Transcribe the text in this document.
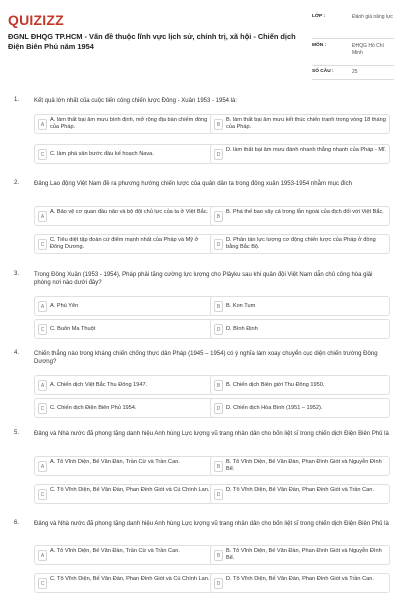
QUIZIZZ
ĐGNL ĐHQG TP.HCM - Vấn đề thuộc lĩnh vực lịch sử, chính trị, xã hội - Chiến dịch Điện Biên Phủ năm 1954
LỚP :	Đánh giá năng lực
MÔN :	ĐHQG Hồ Chí Minh
SỐ CÂU :	25
1. Kết quả lớn nhất của cuộc tiến công chiến lược Đông - Xuân 1953 - 1954 là:
A
A. làm thất bại âm mưu bình định, mở rộng địa bàn chiếm đóng của Pháp.	B
B. làm thất bại âm mưu kết thúc chiến tranh trong vòng 18 tháng của Pháp.
C	C. làm phá sản bước đầu kế hoạch Nava.	D
D. làm thất bại âm mưu đánh nhanh thắng nhanh của Pháp - Mĩ.
2. Đảng Lao động Việt Nam đề ra phương hướng chiến lược của quân dân ta trong đông xuân 1953-1954 nhằm mục đích
A
A. Bảo vệ cơ quan đầu não và bộ đội chủ lực của ta ở Việt Bắc.
B
B. Phá thế bao vây cả trong lẫn ngoài của địch đối với Việt Bắc.
C
C. Tiêu diệt tập đoàn cứ điểm mạnh nhất của Pháp và Mỹ ở Đông Dương.	D
D. Phân tán lực lượng cơ động chiến lược của Pháp ở đồng bằng Bắc Bộ.
3. Trong Đông Xuân (1953 - 1954), Pháp phải tăng cường lực lượng cho Plâyku sau khi quân đội Việt Nam dẫn chủ công hòa giải phóng nơi nào dưới đây?
A	A. Phú Yên	B	B. Kon Tum
C	C. Buôn Ma Thuột	D	D. Bình Định
4. Chiến thắng nào trong kháng chiến chống thực dân Pháp (1945 – 1954) có ý nghĩa làm xoay chuyển cục diện chiến trường Đông Dương?
A	A. Chiến dịch Việt Bắc Thu Đông 1947.	B	B. Chiến dịch Biên giới Thu Đông 1950.
C	C. Chiến dịch Điện Biên Phủ 1954.	D	D. Chiến dịch Hòa Bình (1951 – 1952).
5. Đảng và Nhà nước đã phong tặng danh hiệu Anh hùng Lực lượng vũ trang nhân dân cho bốn liệt sĩ trong chiến dịch Điện Biên Phủ là
A
A. Tô Vĩnh Diện, Bế Văn Đàn, Trần Cừ và Trần Can.
B
B. Tô Vĩnh Diện, Bế Văn Đàn, Phan Đình Giót và Nguyễn Đình Bể.
C
C. Tô Vĩnh Diện, Bế Văn Đàn, Phan Đình Giót và Cù Chính Lan.
D
D. Tô Vĩnh Diện, Bế Văn Đàn, Phan Đình Giót và Trần Can.
6. Đảng và Nhà nước đã phong tặng danh hiệu Anh hùng Lực lượng vũ trang nhân dân cho bốn liệt sĩ trong chiến dịch Điện Biên Phủ là
A
A. Tô Vĩnh Diện, Bế Văn Đàn, Trần Cừ và Trần Can.
B
B. Tô Vĩnh Diện, Bế Văn Đàn, Phan Đình Giót và Nguyễn Đình Bể.
C
C. Tô Vĩnh Diện, Bế Văn Đàn, Phan Đình Giót và Cù Chính Lan.
D
D. Tô Vĩnh Diện, Bế Văn Đàn, Phan Đình Giót và Trần Can.
